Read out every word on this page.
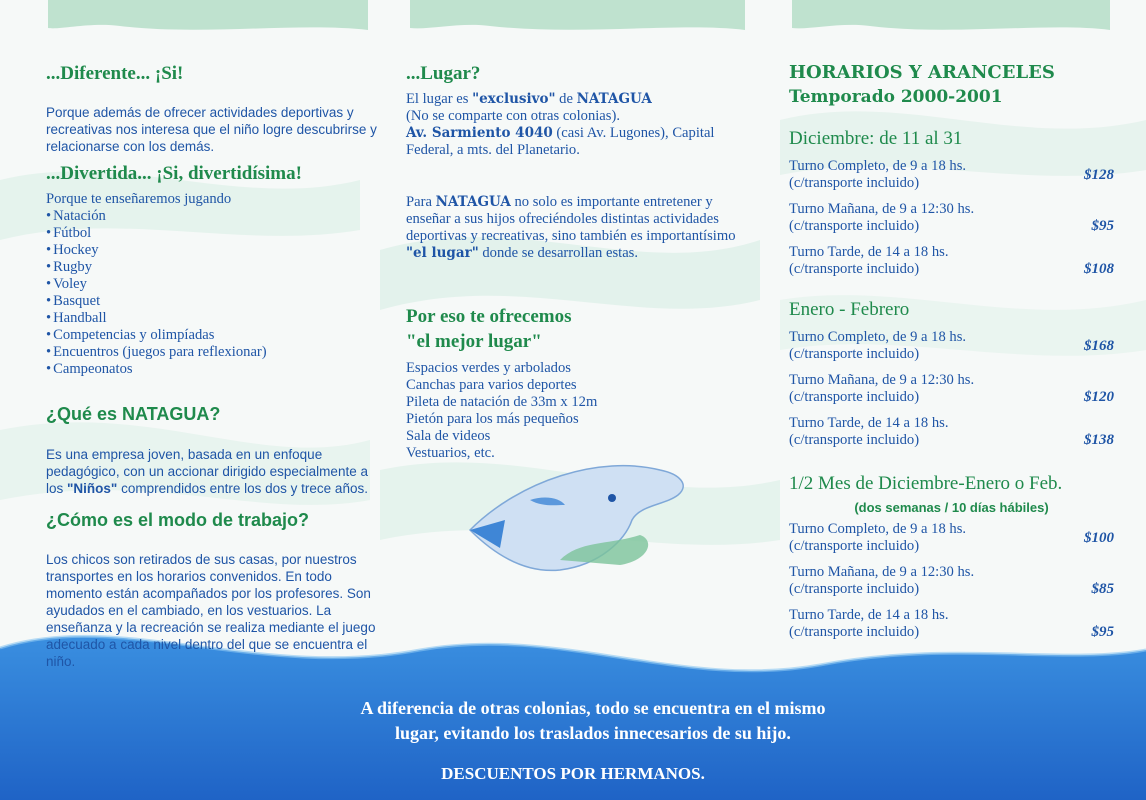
...Diferente... ¡Si!

Porque además de ofrecer actividades deportivas y recreativas nos interesa que el niño logre descubrirse y relacionarse con los demás.

...Divertida... ¡Si, divertidísima!

Porque te enseñaremos jugando

• Natación
• Fútbol
• Hockey
• Rugby
• Voley
• Basquet
• Handball
• Competencias y olimpíadas
• Encuentros (juegos para reflexionar)
• Campeonatos
¿Qué es NATAGUA?

Es una empresa joven, basada en un enfoque pedagógico, con un accionar dirigido especialmente a los "Niños" comprendidos entre los dos y trece años.

¿Cómo es el modo de trabajo?

Los chicos son retirados de sus casas, por nuestros transportes en los horarios convenidos. En todo momento están acompañados por los profesores. Son ayudados en el cambiado, en los vestuarios. La enseñanza y la recreación se realiza mediante el juego adecuado a cada nivel dentro del que se encuentra el niño.

...Lugar?

El lugar es "exclusivo" de NATAGUA
(No se comparte con otras colonias).
Av. Sarmiento 4040 (casi Av. Lugones), Capital Federal, a mts. del Planetario.

Para NATAGUA no solo es importante entretener y enseñar a sus hijos ofreciéndoles distintas actividades deportivas y recreativas, sino también es importantísimo "el lugar" donde se desarrollan estas.

Por eso te ofrecemos
"el mejor lugar"
Espacios verdes y arbolados
Canchas para varios deportes
Pileta de natación de 33m x 12m
Pietón para los más pequeños
Sala de videos
Vestuarios, etc.
HORARIOS Y ARANCELES
Temporado 2000-2001
Diciembre: de 11 al 31
Turno Completo, de 9 a 18 hs.
(c/transporte incluido)	$128
Turno Mañana, de 9 a 12:30 hs.
(c/transporte incluido)	$95
Turno Tarde, de 14 a 18 hs.
(c/transporte incluido)	$108
Enero - Febrero
Turno Completo, de 9 a 18 hs.
(c/transporte incluido)	$168
Turno Mañana, de 9 a 12:30 hs.
(c/transporte incluido)	$120
Turno Tarde, de 14 a 18 hs.
(c/transporte incluido)	$138
1/2 Mes de Diciembre-Enero o Feb.
(dos semanas / 10 días hábiles)
Turno Completo, de 9 a 18 hs.
(c/transporte incluido)	$100
Turno Mañana, de 9 a 12:30 hs.
(c/transporte incluido)	$85
Turno Tarde, de 14 a 18 hs.
(c/transporte incluido)	$95
A diferencia de otras colonias, todo se encuentra en el mismo
lugar, evitando los traslados innecesarios de su hijo.
DESCUENTOS POR HERMANOS.
